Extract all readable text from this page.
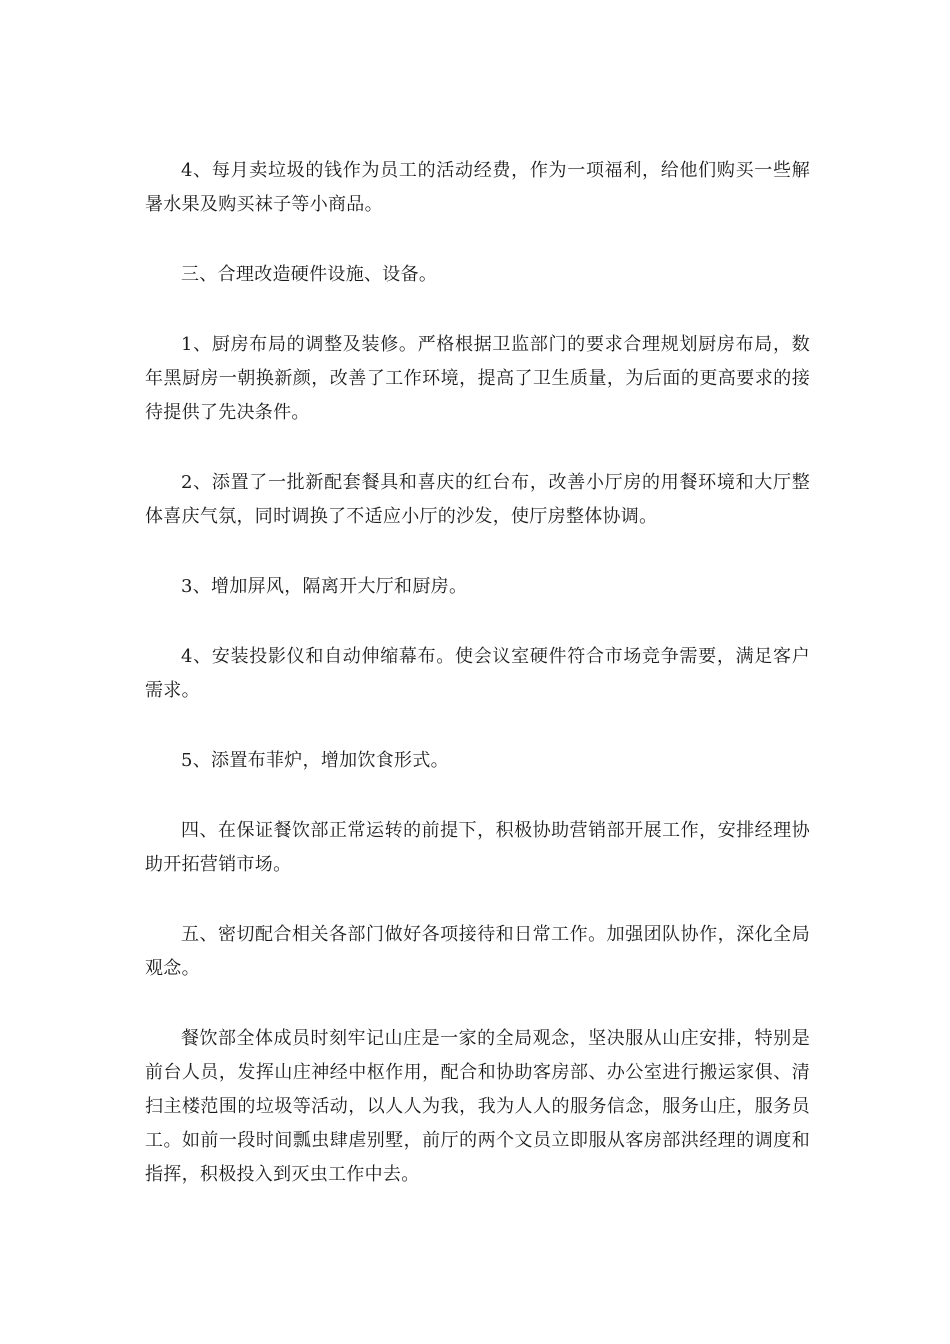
4、每月卖垃圾的钱作为员工的活动经费，作为一项福利，给他们购买一些解暑水果及购买袜子等小商品。

三、合理改造硬件设施、设备。

1、厨房布局的调整及装修。严格根据卫监部门的要求合理规划厨房布局，数年黑厨房一朝换新颜，改善了工作环境，提高了卫生质量，为后面的更高要求的接待提供了先决条件。

2、添置了一批新配套餐具和喜庆的红台布，改善小厅房的用餐环境和大厅整体喜庆气氛，同时调换了不适应小厅的沙发，使厅房整体协调。

3、增加屏风，隔离开大厅和厨房。

4、安装投影仪和自动伸缩幕布。使会议室硬件符合市场竞争需要，满足客户需求。

5、添置布菲炉，增加饮食形式。

四、在保证餐饮部正常运转的前提下，积极协助营销部开展工作，安排经理协助开拓营销市场。

五、密切配合相关各部门做好各项接待和日常工作。加强团队协作，深化全局观念。

餐饮部全体成员时刻牢记山庄是一家的全局观念，坚决服从山庄安排，特别是前台人员，发挥山庄神经中枢作用，配合和协助客房部、办公室进行搬运家俱、清扫主楼范围的垃圾等活动，以人人为我，我为人人的服务信念，服务山庄，服务员工。如前一段时间瓢虫肆虐别墅，前厅的两个文员立即服从客房部洪经理的调度和指挥，积极投入到灭虫工作中去。
